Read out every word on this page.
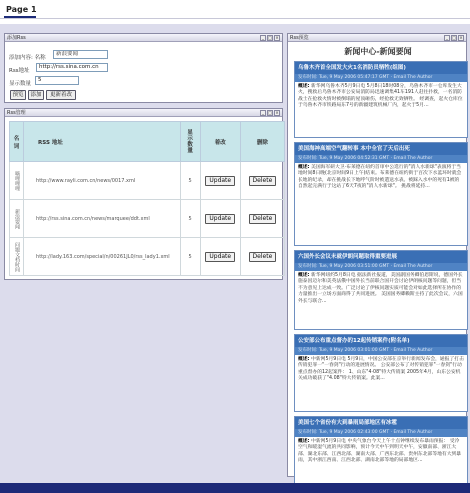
Page 1
添加Rss	_	□ ×
添加内容: 名称
新浪要闻
Rss地址
http://rss.sina.com.cn
显示数量
5
预览	添加	更新着改
Rss管理	_	□ ×
名
词	RSS 地址	显
示
数
量	着改	删除
嘀哩哩哩	http://www.rayli.com.cn/news/0017.xml	5	Update	Delete
新浪要闻	http://rss.sina.com.cn/news/marquee/ddt.xml	5	Update	Delete
问题文档时间	http://lady.163.com/special/n/00261JL0/rss_lady1.xml	5	Update	Delete
Rss预览	_	□ ×
新闻中心-新闻要闻
乌鲁木齐首全国发大火1名消防员牺牲(组图)
发布时间: Tue, 9 May 2006 05:47:17 GMT · Email The Author
概述: 新华网乌鲁木齐5月9日电 5月8日18时08分，乌鲁木齐市一仓库发生大火，搜救后乌鲁木齐市公安局消防局迅速调集41车191人赶往扑救，一名消防战士在抢救火情时被倒塌的屋顶砸伤，经抢救无效牺牲。 经调查，起火仓库位于乌鲁木齐市铁路局东7号的新疆建筑机械厂内，起火于5月...
美国海神高端空气翻转事 本中全官了天后出死
发布时间: Tue, 9 May 2006 04:52:31 GMT · Email The Author
概述: 美国海军研大卫·布莱德在纽约首审中公选行的"消人水新球"表演将于当地时间8日晚(北京时间9日上午)结束。布莱德在纽约街于百次下水蓝环时就会长地的纪录，却在挑战长下地呼气阶时被遣送水表。被踩入水中的死有1被的自然起完满行于这站了6天7夜的"消人水新球"。 挑战将延持...
六国外长会议未就伊朗问题取得重要进展
发布时间: Tue, 9 May 2006 03:51:00 GMT · Email The Author
概述: 新华网纽约5月8日电 据法新社报道，美国副国务卿伯恩斯说，德国外长施泰因迈尔和美英法俄中国外长当前联合国开会讨论伊朗核问题等问题，但当不为意见上达成一致。广泛讨论了伊核问题实质可能会对如此选择所在协作的力量推出一立场方面商得了共同进展。 美国国务卿赖斯主持了此次会议，六国外长与联合...
公安部公布重点督办的12起传销案件(附名单)
发布时间: Tue, 9 May 2006 03:01:00 GMT · Email The Author
概述: 中新网5月9日电 5月9日，中国公安部在京举行新闻发布会，通报了打击传销犯罪一"一春剑"行动的进展情况。 公安部公布了对传销犯罪"一春剑"行动重点督办的12起案件： 1、山东"4·08"特大传销案 2005年4月，山东公安机关成功破获了"4.08"特大传销案。此案...
美国七个省份有大到暴雨局部地区有冰雹
发布时间: Tue, 9 May 2006 02:43:00 GMT · Email The Author
概述: 中新网5月9日电 中央气象台今天上午十点钟继续发布暴雨预报： 受冷空气和暖湿气流的共同影响，预计今天中午到明天中午，安徽南部、浙江大部、湖北东部、江西北部、湖南大部、广西东北部、贵州东北部等地有大到暴雨，其中浙江西南、江西北部、湖南北部等地的局部地区...
